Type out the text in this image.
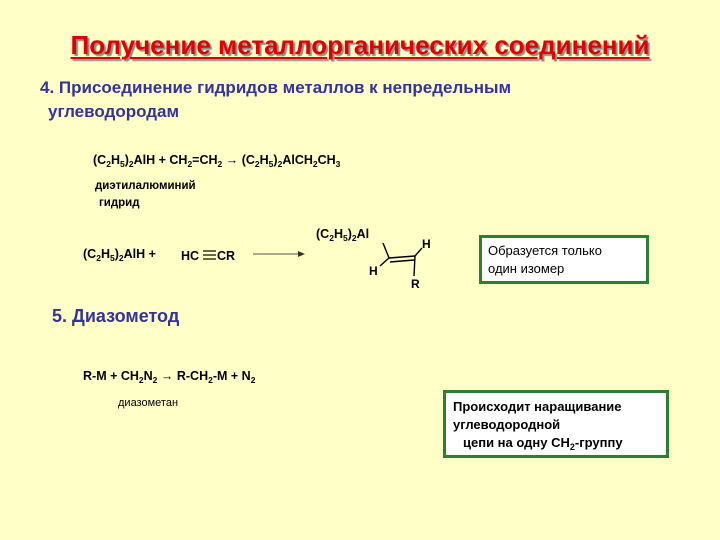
Получение металлорганических соединений
4. Присоединение гидридов металлов к непредельным
углеводородам
$(C_2H_5)_2AlH + CH_2=CH_2$ → $(C_2H_5)_2AlCH_2CH_3$
диэтилалюминий
гидрид
$(C_2H_5)_2AlH$ + HC CR
$(C_2H_5)_2Al$
H
H
R
Образуется только
один изомер
5. Диазометод
$R-M + CH_2N_2 \to R-CH_2-M + N_2$
диазометан	Происходит наращивание
углеводородной
цепи на одну $CH_2$-группу
